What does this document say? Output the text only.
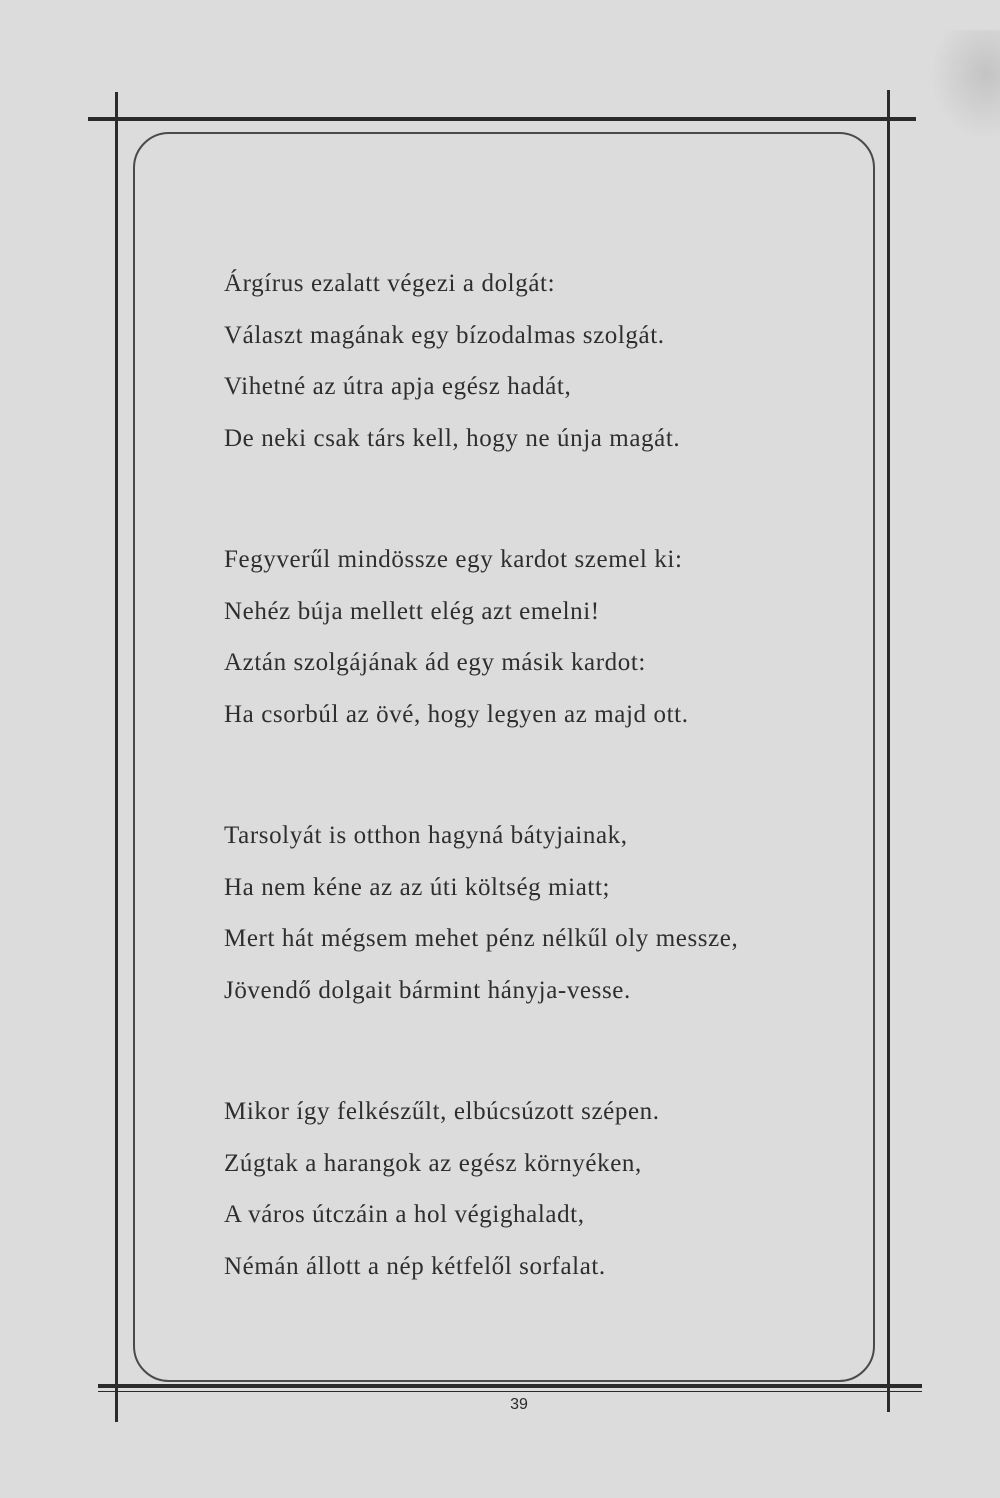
Árgírus ezalatt végezi a dolgát:
Választ magának egy bízodalmas szolgát.
Vihetné az útra apja egész hadát,
De neki csak társ kell, hogy ne únja magát.
Fegyverűl mindössze egy kardot szemel ki:
Nehéz búja mellett elég azt emelni!
Aztán szolgájának ád egy másik kardot:
Ha csorbúl az övé, hogy legyen az majd ott.
Tarsolyát is otthon hagyná bátyjainak,
Ha nem kéne az az úti költség miatt;
Mert hát mégsem mehet pénz nélkűl oly messze,
Jövendő dolgait bármint hányja-vesse.
Mikor így felkészűlt, elbúcsúzott szépen.
Zúgtak a harangok az egész környéken,
A város útczáin a hol végighaladt,
Némán állott a nép kétfelől sorfalat.
39
